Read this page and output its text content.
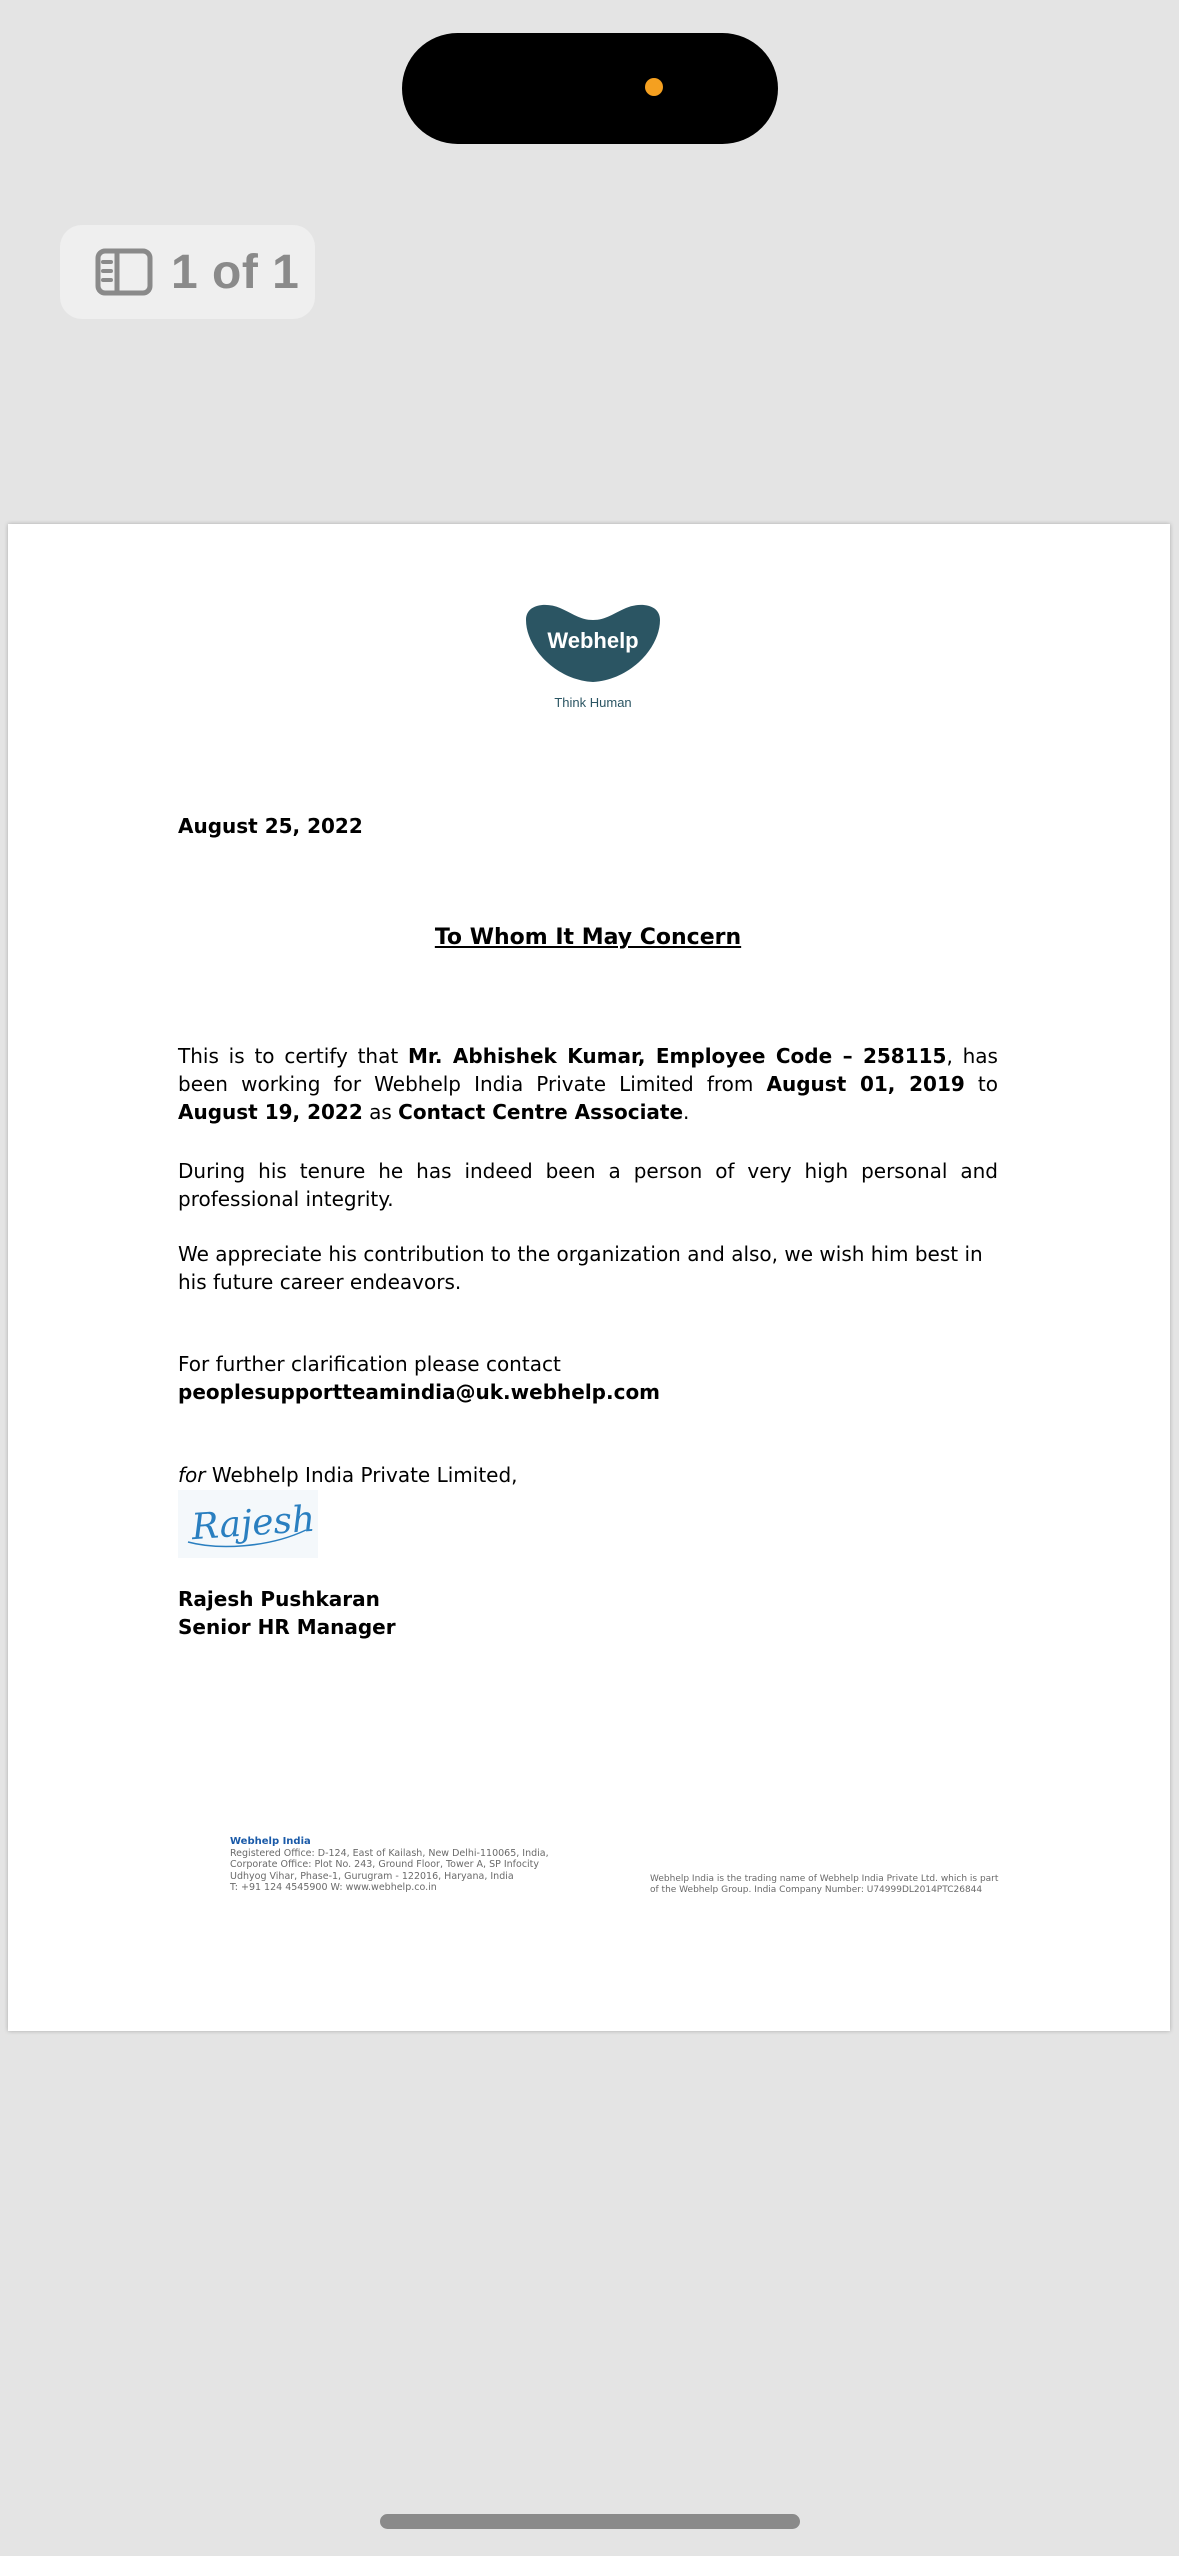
1 of 1
Webhelp
Think Human
August 25, 2022
To Whom It May Concern
This is to certify that Mr. Abhishek Kumar, Employee Code – 258115, has been working for Webhelp India Private Limited from August 01, 2019 to August 19, 2022 as Contact Centre Associate.
During his tenure he has indeed been a person of very high personal and professional integrity.
We appreciate his contribution to the organization and also, we wish him best in his future career endeavors.
For further clarification please contact peoplesupportteamindia@uk.webhelp.com
for Webhelp India Private Limited,
Rajesh
Rajesh Pushkaran
Senior HR Manager
Webhelp India
Registered Office: D-124, East of Kailash, New Delhi-110065, India,
Corporate Office: Plot No. 243, Ground Floor, Tower A, SP Infocity
Udhyog Vihar, Phase-1, Gurugram - 122016, Haryana, India
T: +91 124 4545900 W: www.webhelp.co.in
Webhelp India is the trading name of Webhelp India Private Ltd. which is part
of the Webhelp Group. India Company Number: U74999DL2014PTC26844
